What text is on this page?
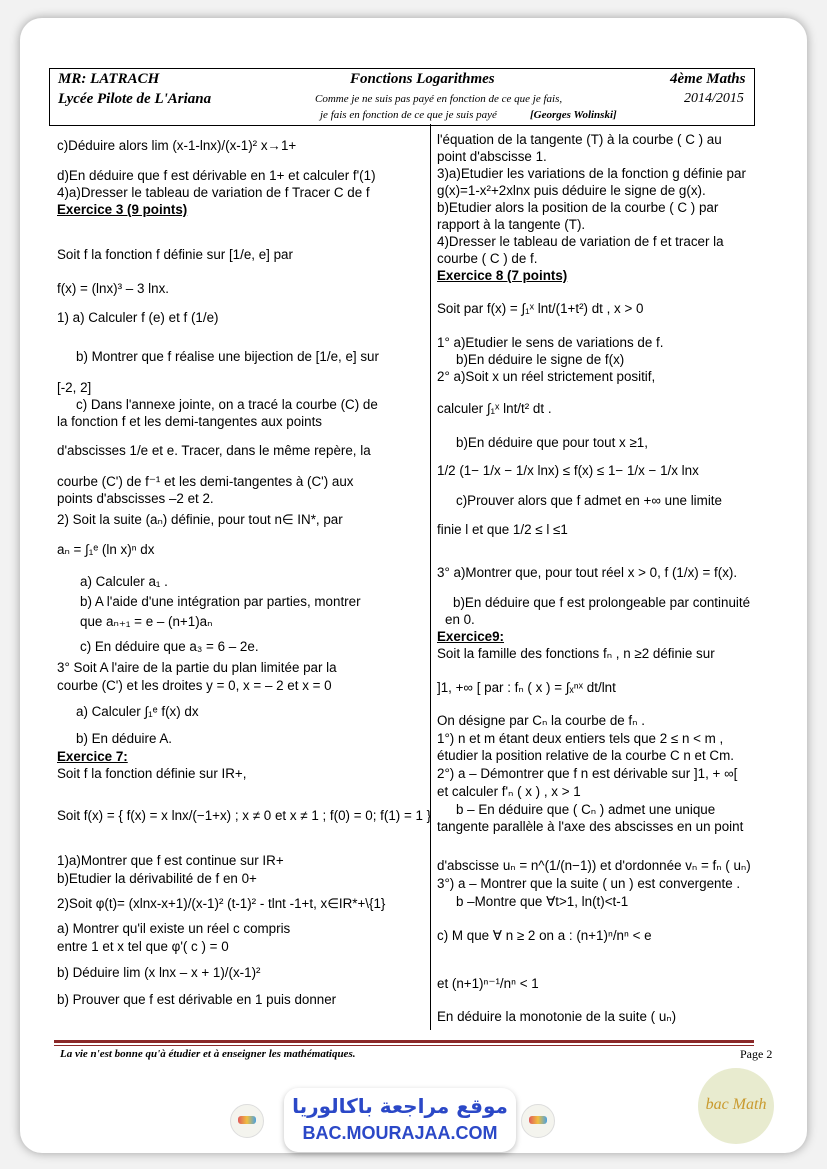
MR: LATRACH
Lycée Pilote de L'Ariana
Fonctions Logarithmes	4ème Maths
2014/2015
Comme je ne suis pas payé en fonction de ce que je fais,
je fais en fonction de ce que je suis payé	[Georges Wolinski]
c)Déduire alors lim (x-1-lnx)/(x-1)² x→1+
d)En déduire que f est dérivable en 1+ et calculer f'(1)
4)a)Dresser le tableau de variation de f Tracer C de f
Exercice 3 (9 points)
Soit f la fonction f définie sur [1/e, e] par
f(x) = (lnx)³ – 3 lnx.
1) a) Calculer f (e) et f (1/e)
b) Montrer que f réalise une bijection de [1/e, e] sur
[-2, 2]
c) Dans l'annexe jointe, on a tracé la courbe (C) de
la fonction f et les demi-tangentes aux points
d'abscisses 1/e et e. Tracer, dans le même repère, la
courbe (C') de f⁻¹ et les demi-tangentes à (C') aux
points d'abscisses –2 et 2.
2) Soit la suite (aₙ) définie, pour tout n∈ IN*, par
aₙ = ∫₁ᵉ (ln x)ⁿ dx
a) Calculer a₁ .
b) A l'aide d'une intégration par parties, montrer
que aₙ₊₁ = e – (n+1)aₙ
c) En déduire que a₃ = 6 – 2e.
3° Soit A l'aire de la partie du plan limitée par la
courbe (C') et les droites y = 0, x = – 2 et x = 0
a) Calculer ∫₁ᵉ f(x) dx
b) En déduire A.
Exercice 7:
Soit f la fonction définie sur IR+,
Soit f(x) = { f(x) = x lnx/(−1+x) ; x ≠ 0 et x ≠ 1 ; f(0) = 0; f(1) = 1 }
1)a)Montrer que f est continue sur IR+
b)Etudier la dérivabilité de f en 0+
2)Soit φ(t)= (xlnx-x+1)/(x-1)² (t-1)² - tlnt -1+t, x∈IR*+\{1}
a) Montrer qu'il existe un réel c compris
entre 1 et x tel que φ'( c ) = 0
b) Déduire lim (x lnx – x + 1)/(x-1)²
b) Prouver que f est dérivable en 1 puis donner
l'équation de la tangente (T) à la courbe ( C ) au
point d'abscisse 1.
3)a)Etudier les variations de la fonction g définie par
g(x)=1-x²+2xlnx puis déduire le signe de g(x).
b)Etudier alors la position de la courbe ( C ) par
rapport à la tangente (T).
4)Dresser le tableau de variation de f et tracer la
courbe ( C ) de f.
Exercice 8 (7 points)
Soit par f(x) = ∫₁ˣ lnt/(1+t²) dt , x > 0
1° a)Etudier le sens de variations de f.
b)En déduire le signe de f(x)
2° a)Soit x un réel strictement positif,
calculer ∫₁ˣ lnt/t² dt .
b)En déduire que pour tout x ≥1,
1/2 (1− 1/x − 1/x lnx) ≤ f(x) ≤ 1− 1/x − 1/x lnx
c)Prouver alors que f admet en +∞ une limite
finie l et que 1/2 ≤ l ≤1
3° a)Montrer que, pour tout réel x > 0, f (1/x) = f(x).
b)En déduire que f est prolongeable par continuité
en 0.
Exercice9:
Soit la famille des fonctions fₙ , n ≥2 définie sur
]1, +∞ [ par : fₙ ( x ) = ∫ₓⁿˣ dt/lnt
On désigne par Cₙ la courbe de fₙ .
1°) n et m étant deux entiers tels que 2 ≤ n < m ,
étudier la position relative de la courbe C n et Cm.
2°) a – Démontrer que f n est dérivable sur ]1, + ∞[
et calculer f'ₙ ( x ) , x > 1
b – En déduire que ( Cₙ ) admet une unique
tangente parallèle à l'axe des abscisses en un point
d'abscisse uₙ = n^(1/(n−1)) et d'ordonnée vₙ = fₙ ( uₙ)
3°) a – Montrer que la suite ( un ) est convergente .
b –Montre que ∀t>1, ln(t)<t-1
c) M que ∀ n ≥ 2 on a : (n+1)ⁿ/nⁿ < e
et (n+1)ⁿ⁻¹/nⁿ < 1
En déduire la monotonie de la suite ( uₙ)
La vie n'est bonne qu'à étudier et à enseigner les mathématiques.	Page 2
موقع مراجعة باكالوريا
BAC.MOURAJAA.COM
bac Math
